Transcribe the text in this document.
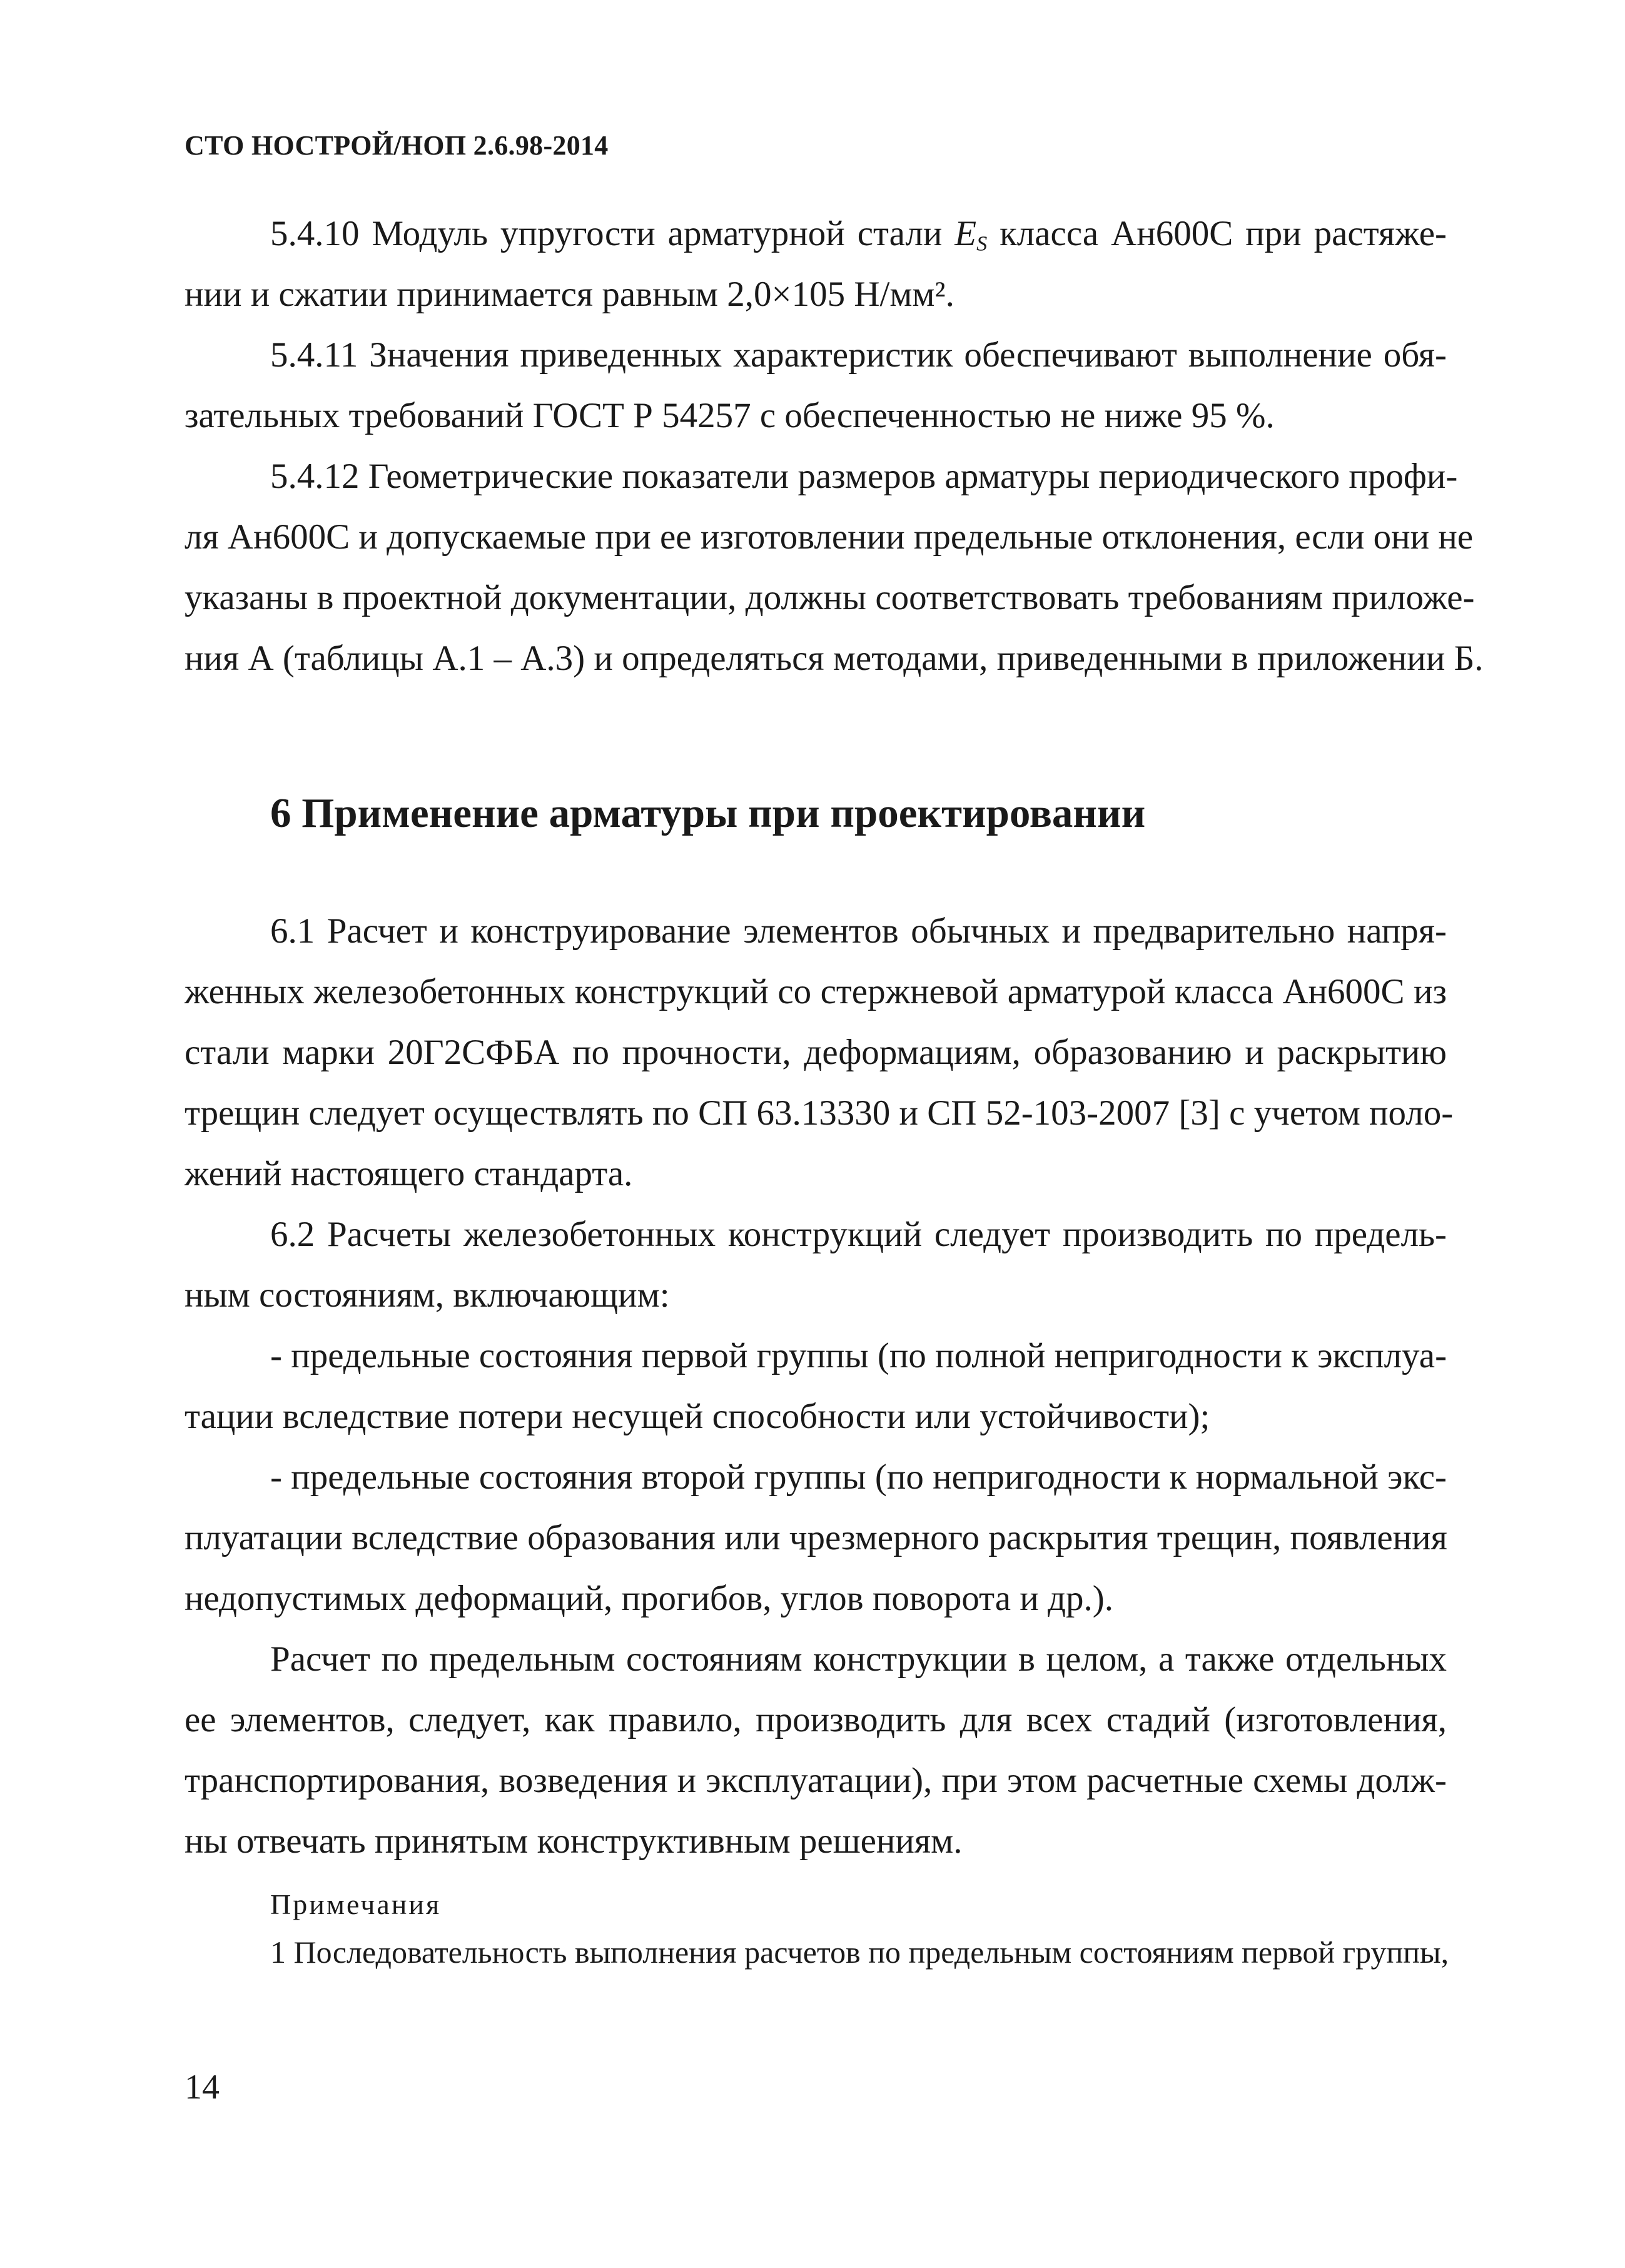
СТО НОСТРОЙ/НОП 2.6.98-2014
5.4.10 Модуль упругости арматурной стали $E_S$ класса Ан600С при растяже-
нии и сжатии принимается равным 2,0×105 Н/мм².
5.4.11 Значения приведенных характеристик обеспечивают выполнение обя-
зательных требований ГОСТ Р 54257 с обеспеченностью не ниже 95 %.
5.4.12 Геометрические показатели размеров арматуры периодического профи-
ля Ан600С и допускаемые при ее изготовлении предельные отклонения, если они не
указаны в проектной документации, должны соответствовать требованиям приложе-
ния А (таблицы А.1 – А.3) и определяться методами, приведенными в приложении Б.
6 Применение арматуры при проектировании
6.1 Расчет и конструирование элементов обычных и предварительно напря-
женных железобетонных конструкций со стержневой арматурой класса Ан600С из
стали марки 20Г2СФБА по прочности, деформациям, образованию и раскрытию
трещин следует осуществлять по СП 63.13330 и СП 52-103-2007 [3] с учетом поло-
жений настоящего стандарта.
6.2 Расчеты железобетонных конструкций следует производить по предель-
ным состояниям, включающим:
- предельные состояния первой группы (по полной непригодности к эксплуа-
тации вследствие потери несущей способности или устойчивости);
- предельные состояния второй группы (по непригодности к нормальной экс-
плуатации вследствие образования или чрезмерного раскрытия трещин, появления
недопустимых деформаций, прогибов, углов поворота и др.).
Расчет по предельным состояниям конструкции в целом, а также отдельных
ее элементов, следует, как правило, производить для всех стадий (изготовления,
транспортирования, возведения и эксплуатации), при этом расчетные схемы долж-
ны отвечать принятым конструктивным решениям.
Примечания
1 Последовательность выполнения расчетов по предельным состояниям первой группы,
14
